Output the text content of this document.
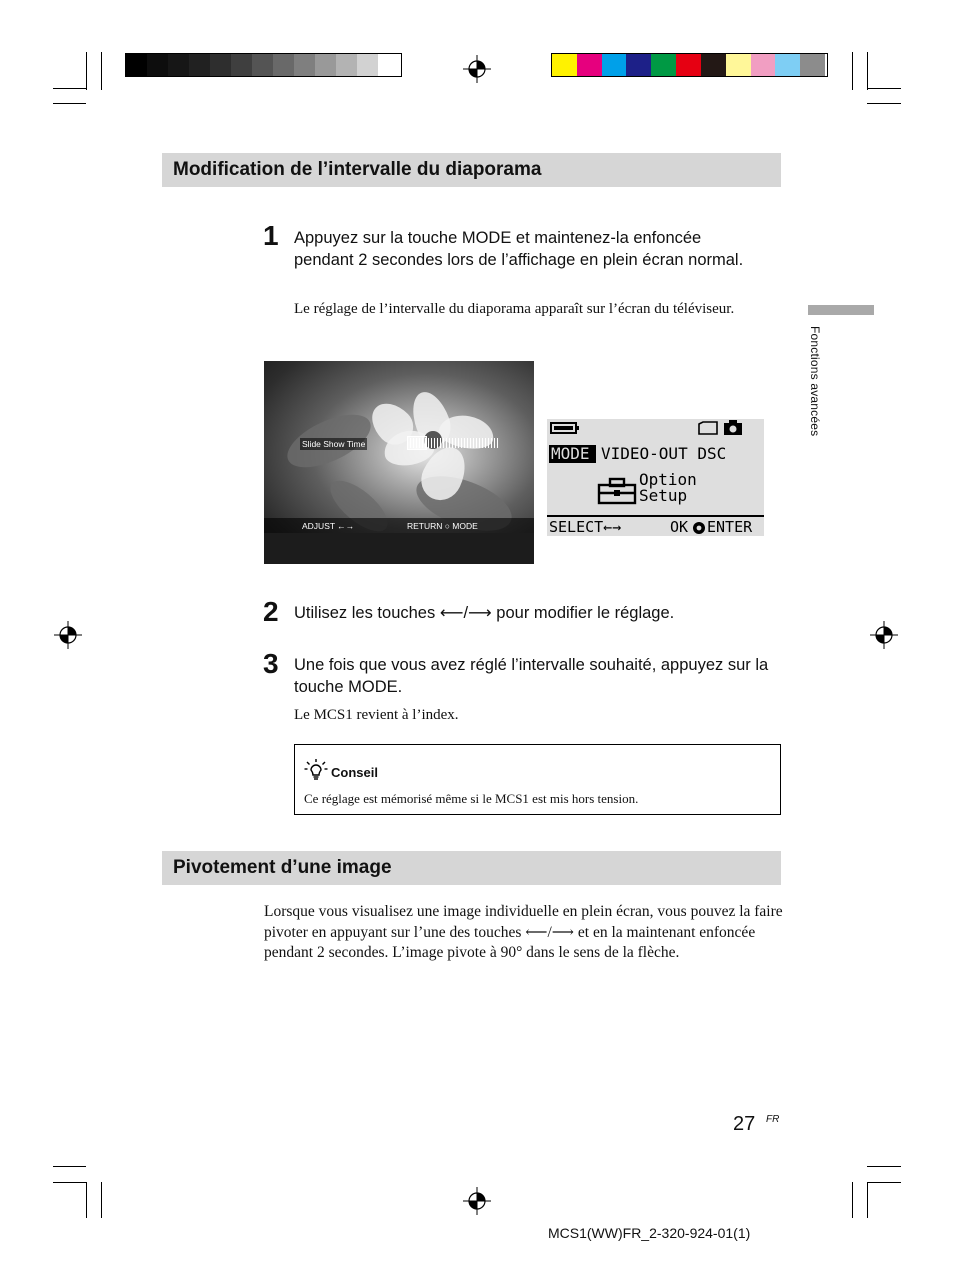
Modification de l’intervalle du diaporama
1 Appuyez sur la touche MODE et maintenez-la enfoncée pendant 2 secondes lors de l’affichage en plein écran normal.
Le réglage de l’intervalle du diaporama apparaît sur l’écran du téléviseur.
Slide Show Time
ADJUST ←→	RETURN ○ MODE
MODE VIDEO-OUT DSC
Option
Setup
SELECT←→	OK ENTER
2 Utilisez les touches ⟵/⟶ pour modifier le réglage.
3 Une fois que vous avez réglé l’intervalle souhaité, appuyez sur la touche MODE.
Le MCS1 revient à l’index.
Conseil
Ce réglage est mémorisé même si le MCS1 est mis hors tension.
Pivotement d’une image
Lorsque vous visualisez une image individuelle en plein écran, vous pouvez la faire pivoter en appuyant sur l’une des touches ⟵/⟶ et en la maintenant enfoncée pendant 2 secondes. L’image pivote à 90° dans le sens de la flèche.
Fonctions avancées
27 FR
MCS1(WW)FR_2-320-924-01(1)
